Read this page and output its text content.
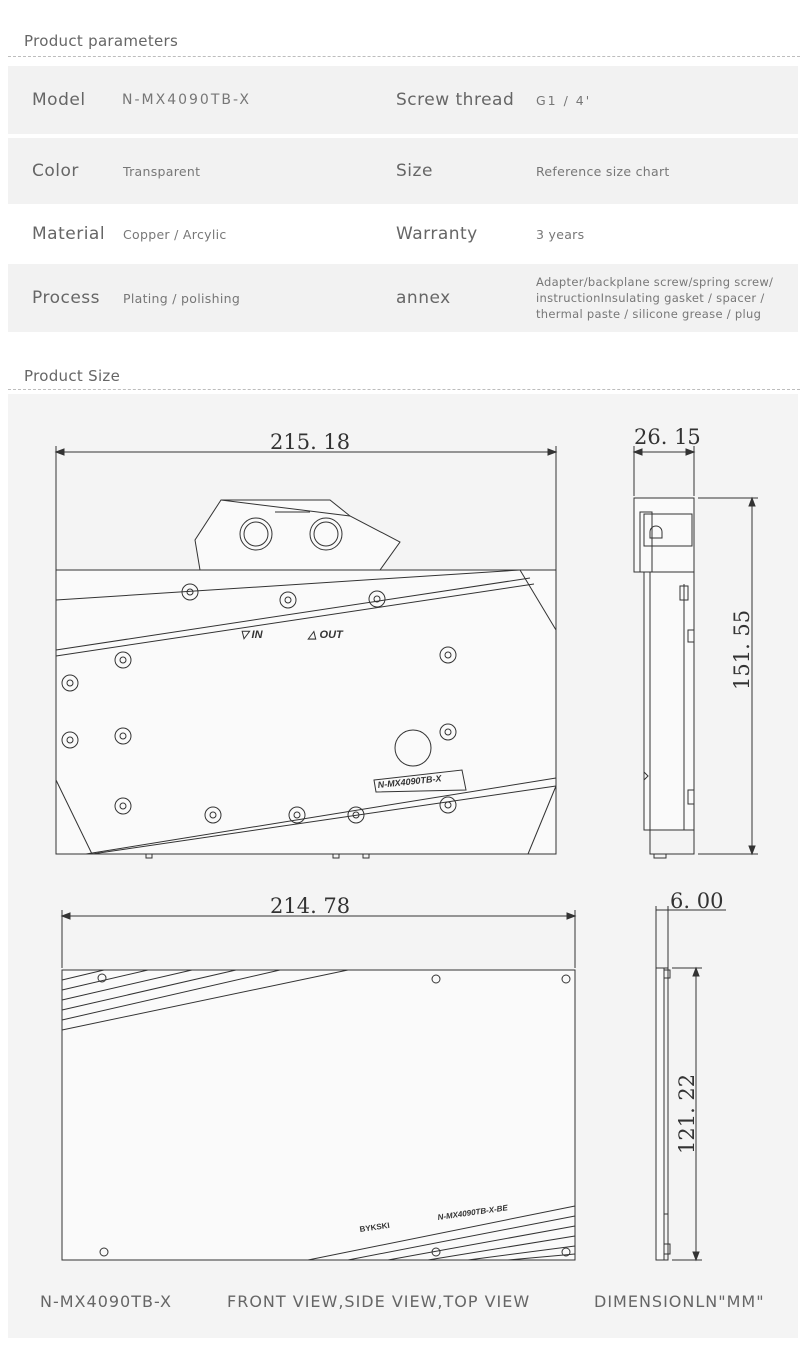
Product parameters
Model	N-MX4090TB-X	Screw thread G1 / 4'
Color	Transparent	Size	Reference size chart
Material Copper / Arcylic	Warranty	3 years
Process Plating / polishing	annex
Adapter/backplane screw/spring screw/
instructionInsulating gasket / spacer /
thermal paste / silicone grease / plug
Product Size
215. 18
▽ IN	△ OUT
N-MX4090TB-X
26. 15
151. 55
214. 78
BYKSKI
N-MX4090TB-X-BE
6. 00
121. 22
N-MX4090TB-X	FRONT VIEW,SIDE VIEW,TOP VIEW	DIMENSIONLN"MM"
